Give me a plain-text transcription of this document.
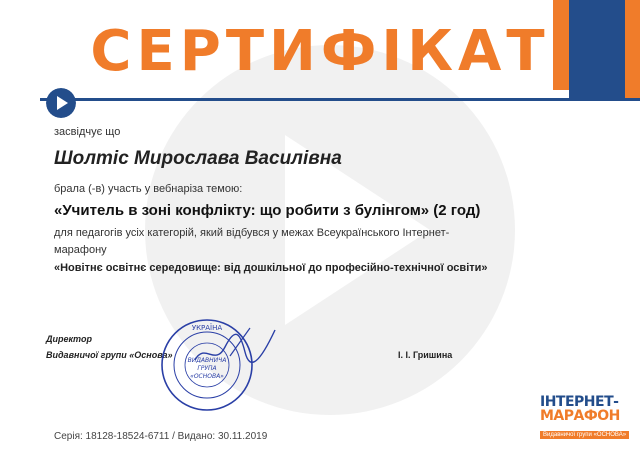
СЕРТИФІКАТ
засвідчує що
Шолтіс Мирослава Василівна
брала (-в) участь у вебнаріза темою:
«Учитель в зоні конфлікту: що робити з булінгом» (2 год)
для педагогів усіх категорій, який відбувся у межах Всеукраїнського Інтернет-
марафону
«Новітнє освітнє середовище: від дошкільної до професійно-технічної освіти»
Директор
Видавничої групи «Основа»	І. І. Гришина
УКРАЇНА
ВИДАВНИЧА
ГРУПА
«ОСНОВА»
ІНТЕРНЕТ-
МАРАФОН
Видавничої групи «ОСНОВА»
Серія: 18128-18524-6711 / Видано: 30.11.2019
